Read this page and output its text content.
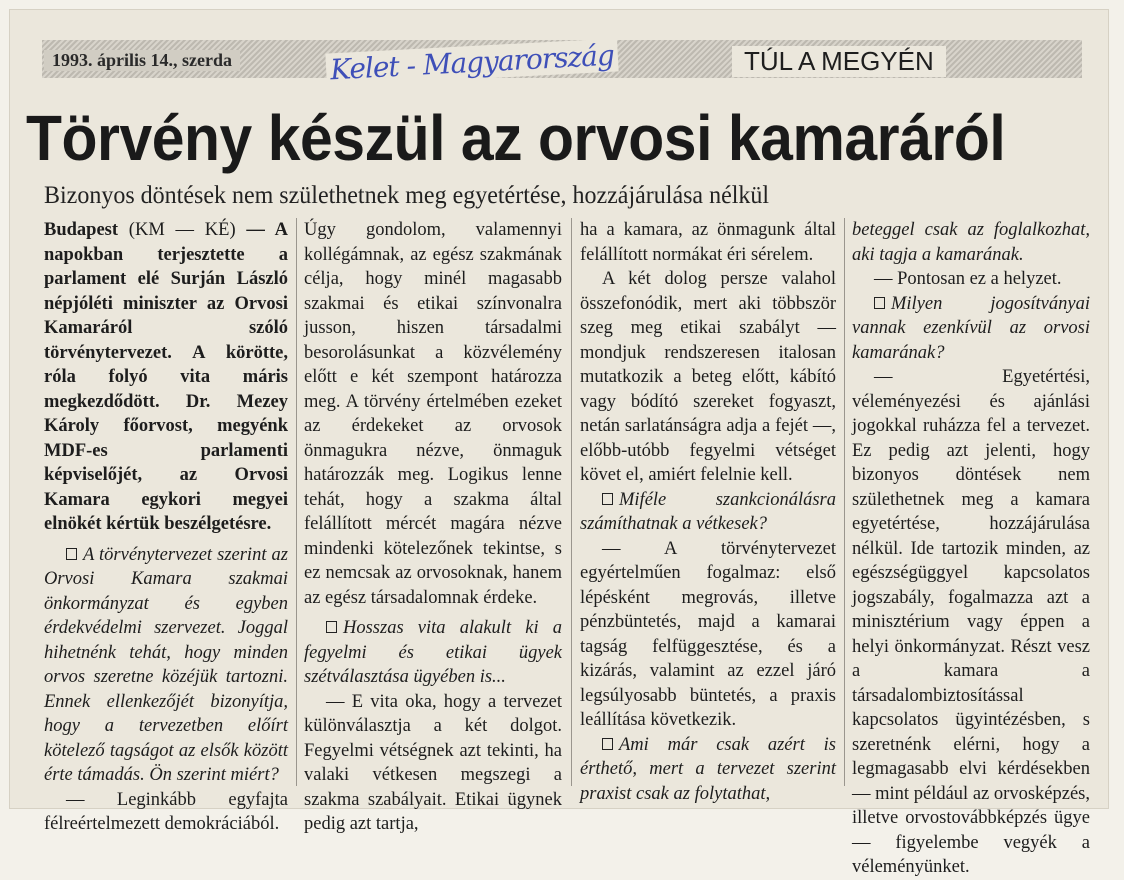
1993. április 14., szerda	Kelet - Magyarország	TÚL A MEGYÉN
Törvény készül az orvosi kamaráról
Bizonyos döntések nem születhetnek meg egyetértése, hozzájárulása nélkül

Budapest (KM — KÉ) — A napokban terjesztette a parlament elé Surján László népjóléti miniszter az Orvosi Kamaráról szóló törvénytervezet. A körötte, róla folyó vita máris megkezdődött. Dr. Mezey Károly főorvost, megyénk MDF-es parlamenti képviselőjét, az Orvosi Kamara egykori megyei elnökét kértük beszélgetésre.

A törvénytervezet szerint az Orvosi Kamara szakmai önkormányzat és egyben érdekvédelmi szervezet. Joggal hihetnénk tehát, hogy minden orvos szeretne közéjük tartozni. Ennek ellenkezőjét bizonyítja, hogy a tervezetben előírt kötelező tagságot az elsők között érte támadás. Ön szerint miért?

— Leginkább egyfajta félreértelmezett demokráciából.

Úgy gondolom, valamennyi kollégámnak, az egész szakmának célja, hogy minél magasabb szakmai és etikai színvonalra jusson, hiszen társadalmi besorolásunkat a közvélemény előtt e két szempont határozza meg. A törvény értelmében ezeket az érdekeket az orvosok önmagukra nézve, önmaguk határozzák meg. Logikus lenne tehát, hogy a szakma által felállított mércét magára nézve mindenki kötelezőnek tekintse, s ez nemcsak az orvosoknak, hanem az egész társadalomnak érdeke.

Hosszas vita alakult ki a fegyelmi és etikai ügyek szétválasztása ügyében is...

— E vita oka, hogy a tervezet különválasztja a két dolgot. Fegyelmi vétségnek azt tekinti, ha valaki vétkesen megszegi a szakma szabályait. Etikai ügynek pedig azt tartja,

ha a kamara, az önmagunk által felállított normákat éri sérelem.

A két dolog persze valahol összefonódik, mert aki többször szeg meg etikai szabályt — mondjuk rendszeresen italosan mutatkozik a beteg előtt, kábító vagy bódító szereket fogyaszt, netán sarlatánságra adja a fejét —, előbb-utóbb fegyelmi vétséget követ el, amiért felelnie kell.

Miféle szankcionálásra számíthatnak a vétkesek?

— A törvénytervezet egyértelműen fogalmaz: első lépésként megrovás, illetve pénzbüntetés, majd a kamarai tagság felfüggesztése, és a kizárás, valamint az ezzel járó legsúlyosabb büntetés, a praxis leállítása következik.

Ami már csak azért is érthető, mert a tervezet szerint praxist csak az folytathat,

beteggel csak az foglalkozhat, aki tagja a kamarának.

— Pontosan ez a helyzet.

Milyen jogosítványai vannak ezenkívül az orvosi kamarának?

— Egyetértési, véleményezési és ajánlási jogokkal ruházza fel a tervezet. Ez pedig azt jelenti, hogy bizonyos döntések nem születhetnek meg a kamara egyetértése, hozzájárulása nélkül. Ide tartozik minden, az egészségüggyel kapcsolatos jogszabály, fogalmazza azt a minisztérium vagy éppen a helyi önkormányzat. Részt vesz a kamara a társadalombiztosítással kapcsolatos ügyintézésben, s szeretnénk elérni, hogy a legmagasabb elvi kérdésekben — mint például az orvosképzés, illetve orvostovábbképzés ügye — figyelembe vegyék a véleményünket.
